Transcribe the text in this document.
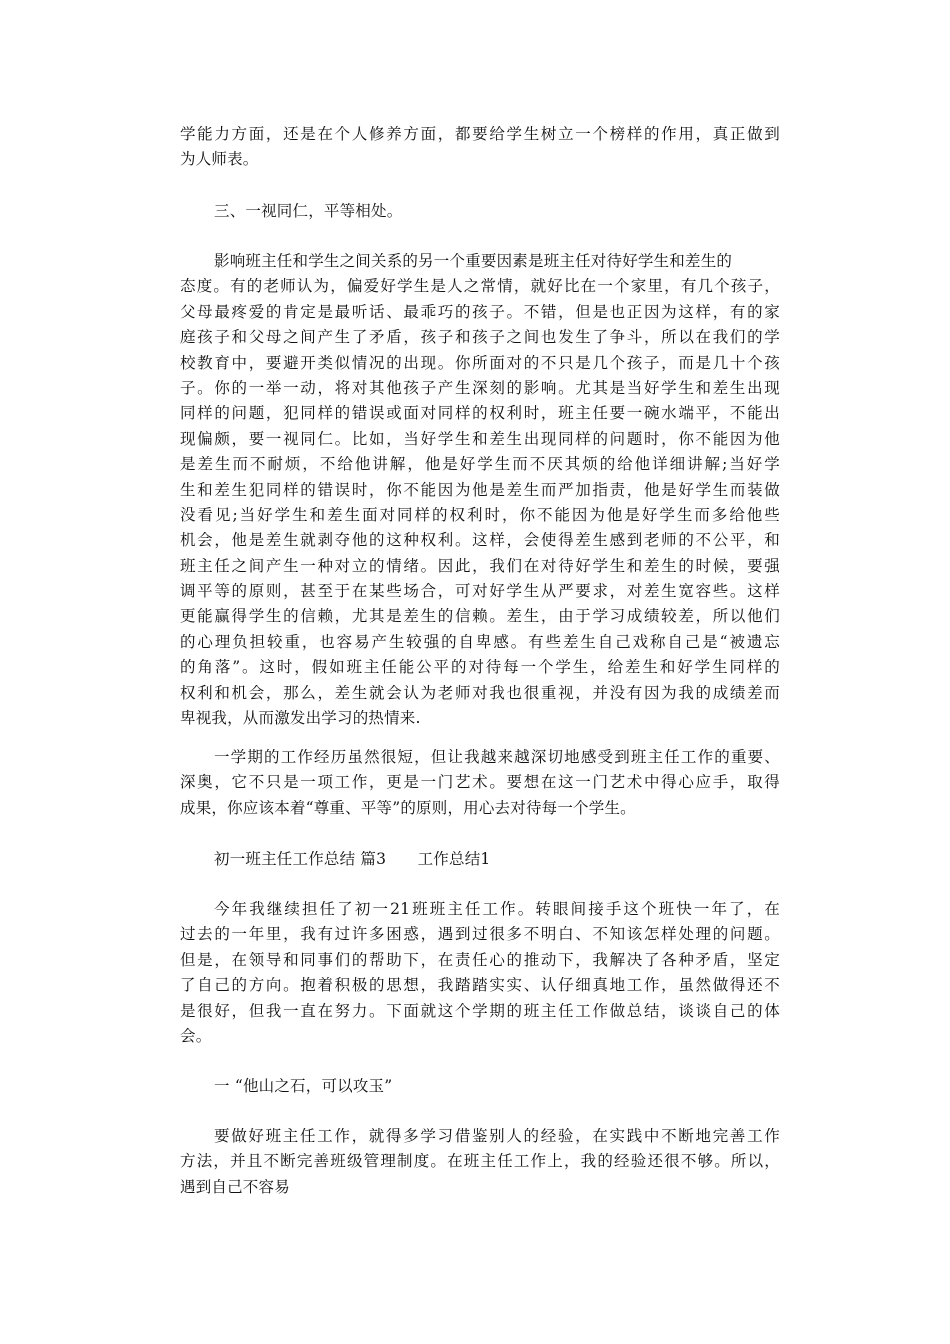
学能力方面，还是在个人修养方面，都要给学生树立一个榜样的作用，真正做到
为人师表。
三、一视同仁，平等相处。
影响班主任和学生之间关系的另一个重要因素是班主任对待好学生和差生的
态度。有的老师认为，偏爱好学生是人之常情，就好比在一个家里，有几个孩子，
父母最疼爱的肯定是最听话、最乖巧的孩子。不错，但是也正因为这样，有的家
庭孩子和父母之间产生了矛盾，孩子和孩子之间也发生了争斗，所以在我们的学
校教育中，要避开类似情况的出现。你所面对的不只是几个孩子，而是几十个孩
子。你的一举一动，将对其他孩子产生深刻的影响。尤其是当好学生和差生出现
同样的问题，犯同样的错误或面对同样的权利时，班主任要一碗水端平，不能出
现偏颇，要一视同仁。比如，当好学生和差生出现同样的问题时，你不能因为他
是差生而不耐烦，不给他讲解，他是好学生而不厌其烦的给他详细讲解;当好学
生和差生犯同样的错误时，你不能因为他是差生而严加指责，他是好学生而装做
没看见;当好学生和差生面对同样的权利时，你不能因为他是好学生而多给他些
机会，他是差生就剥夺他的这种权利。这样，会使得差生感到老师的不公平，和
班主任之间产生一种对立的情绪。因此，我们在对待好学生和差生的时候，要强
调平等的原则，甚至于在某些场合，可对好学生从严要求，对差生宽容些。这样
更能赢得学生的信赖，尤其是差生的信赖。差生，由于学习成绩较差，所以他们
的心理负担较重，也容易产生较强的自卑感。有些差生自己戏称自己是“被遗忘
的角落”。这时，假如班主任能公平的对待每一个学生，给差生和好学生同样的
权利和机会，那么，差生就会认为老师对我也很重视，并没有因为我的成绩差而
卑视我，从而激发出学习的热情来.
一学期的工作经历虽然很短，但让我越来越深切地感受到班主任工作的重要、
深奥，它不只是一项工作，更是一门艺术。要想在这一门艺术中得心应手，取得
成果，你应该本着“尊重、平等”的原则，用心去对待每一个学生。
初一班主任工作总结 篇3　　工作总结1
今年我继续担任了初一21班班主任工作。转眼间接手这个班快一年了，在
过去的一年里，我有过许多困惑，遇到过很多不明白、不知该怎样处理的问题。
但是，在领导和同事们的帮助下，在责任心的推动下，我解决了各种矛盾，坚定
了自己的方向。抱着积极的思想，我踏踏实实、认仔细真地工作，虽然做得还不
是很好，但我一直在努力。下面就这个学期的班主任工作做总结，谈谈自己的体
会。
一 “他山之石，可以攻玉”
要做好班主任工作，就得多学习借鉴别人的经验，在实践中不断地完善工作
方法，并且不断完善班级管理制度。在班主任工作上，我的经验还很不够。所以，
遇到自己不容易
